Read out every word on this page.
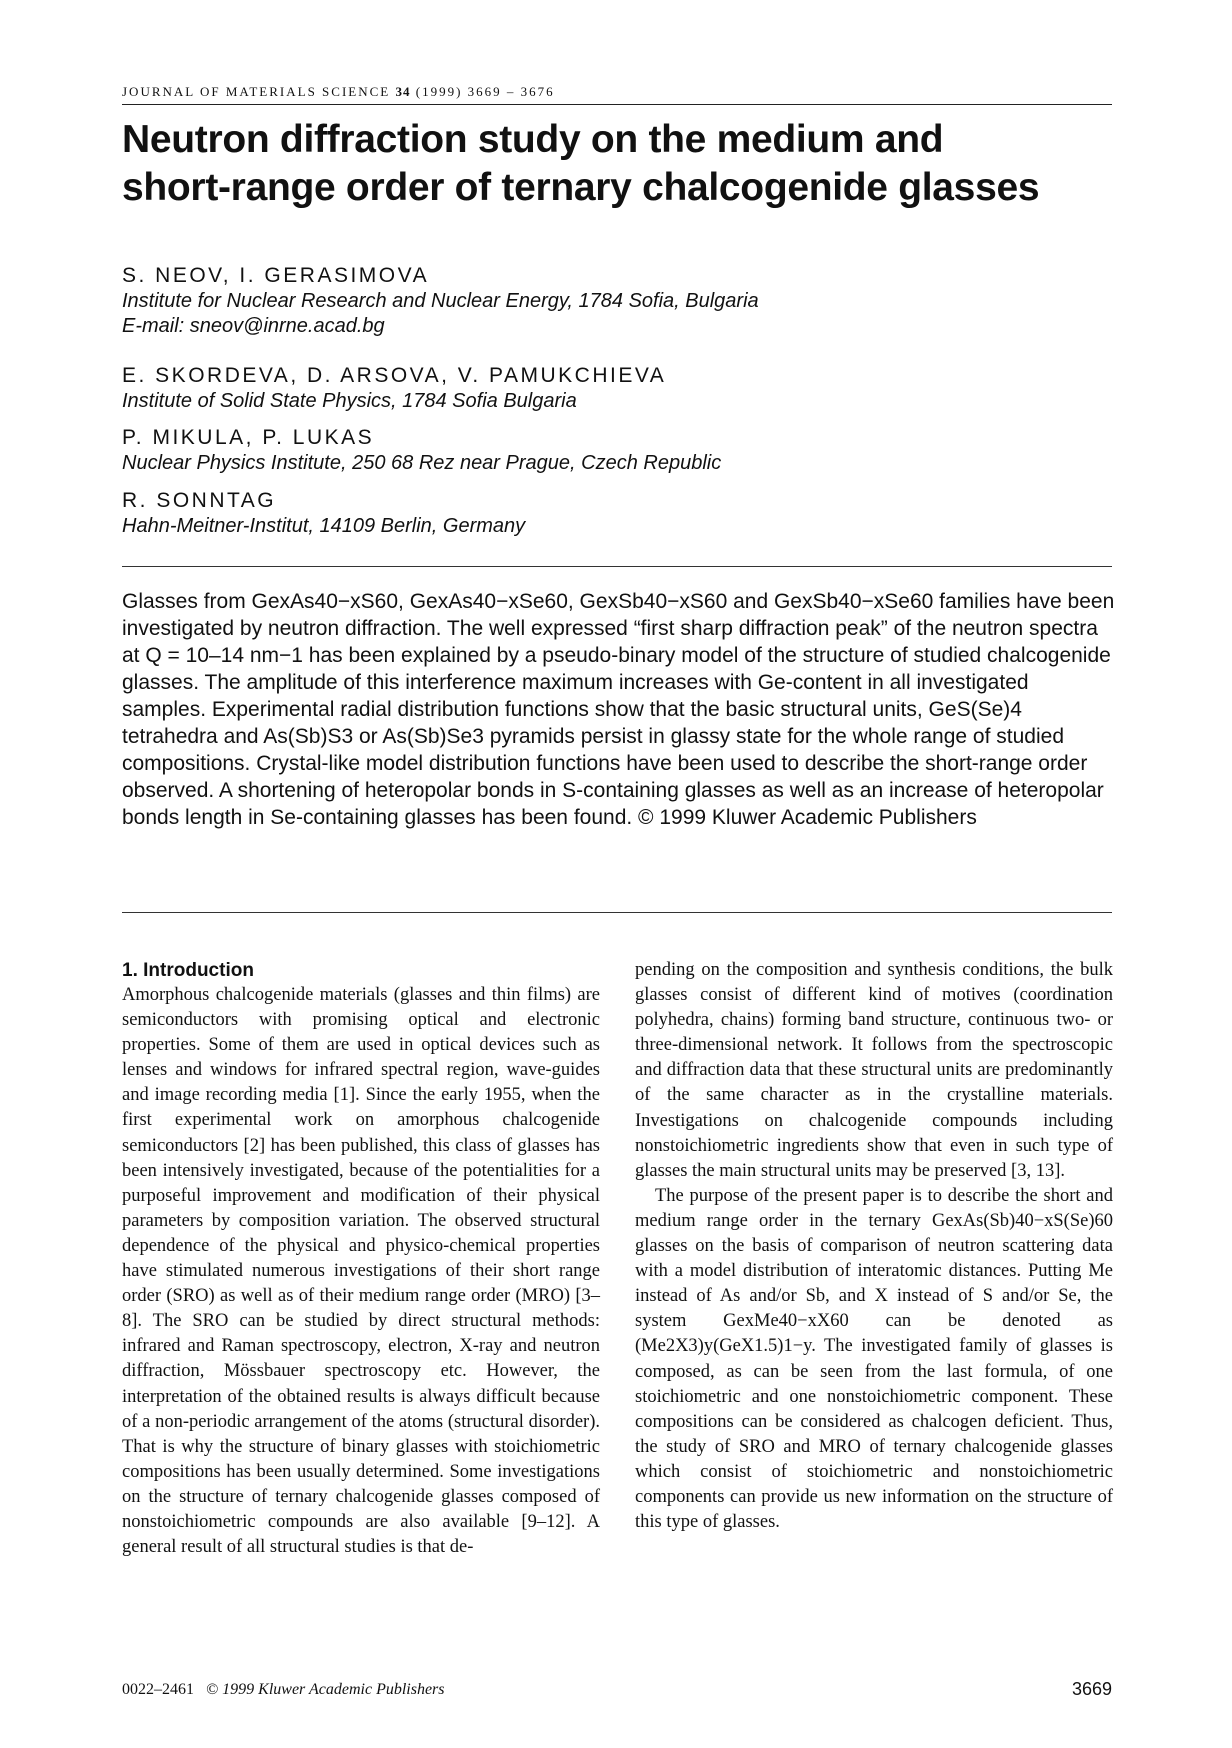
JOURNAL OF MATERIALS SCIENCE 34 (1999) 3669 – 3676
Neutron diffraction study on the medium and
short-range order of ternary chalcogenide glasses
S. NEOV, I. GERASIMOVA
Institute for Nuclear Research and Nuclear Energy, 1784 Sofia, Bulgaria
E-mail: sneov@inrne.acad.bg
E. SKORDEVA, D. ARSOVA, V. PAMUKCHIEVA
Institute of Solid State Physics, 1784 Sofia Bulgaria
P. MIKULA, P. LUKAS
Nuclear Physics Institute, 250 68 Rez near Prague, Czech Republic
R. SONNTAG
Hahn-Meitner-Institut, 14109 Berlin, Germany

Glasses from GexAs40−xS60, GexAs40−xSe60, GexSb40−xS60 and GexSb40−xSe60 families have been investigated by neutron diffraction. The well expressed “first sharp diffraction peak” of the neutron spectra at Q = 10–14 nm−1 has been explained by a pseudo-binary model of the structure of studied chalcogenide glasses. The amplitude of this interference maximum increases with Ge-content in all investigated samples. Experimental radial distribution functions show that the basic structural units, GeS(Se)4 tetrahedra and As(Sb)S3 or As(Sb)Se3 pyramids persist in glassy state for the whole range of studied compositions. Crystal-like model distribution functions have been used to describe the short-range order observed. A shortening of heteropolar bonds in S-containing glasses as well as an increase of heteropolar bonds length in Se-containing glasses has been found. © 1999 Kluwer Academic Publishers

1. Introduction

Amorphous chalcogenide materials (glasses and thin films) are semiconductors with promising optical and electronic properties. Some of them are used in optical devices such as lenses and windows for infrared spectral region, wave-guides and image recording media [1]. Since the early 1955, when the first experimental work on amorphous chalcogenide semiconductors [2] has been published, this class of glasses has been intensively investigated, because of the potentialities for a purposeful improvement and modification of their physical parameters by composition variation. The observed structural dependence of the physical and physico-chemical properties have stimulated numerous investigations of their short range order (SRO) as well as of their medium range order (MRO) [3–8]. The SRO can be studied by direct structural methods: infrared and Raman spectroscopy, electron, X-ray and neutron diffraction, Mössbauer spectroscopy etc. However, the interpretation of the obtained results is always difficult because of a non-periodic arrangement of the atoms (structural disorder). That is why the structure of binary glasses with stoichiometric compositions has been usually determined. Some investigations on the structure of ternary chalcogenide glasses composed of nonstoichiometric compounds are also available [9–12]. A general result of all structural studies is that de-

pending on the composition and synthesis conditions, the bulk glasses consist of different kind of motives (coordination polyhedra, chains) forming band structure, continuous two- or three-dimensional network. It follows from the spectroscopic and diffraction data that these structural units are predominantly of the same character as in the crystalline materials. Investigations on chalcogenide compounds including nonstoichiometric ingredients show that even in such type of glasses the main structural units may be preserved [3, 13].

The purpose of the present paper is to describe the short and medium range order in the ternary GexAs(Sb)40−xS(Se)60 glasses on the basis of comparison of neutron scattering data with a model distribution of interatomic distances. Putting Me instead of As and/or Sb, and X instead of S and/or Se, the system GexMe40−xX60 can be denoted as (Me2X3)y(GeX1.5)1−y. The investigated family of glasses is composed, as can be seen from the last formula, of one stoichiometric and one nonstoichiometric component. These compositions can be considered as chalcogen deficient. Thus, the study of SRO and MRO of ternary chalcogenide glasses which consist of stoichiometric and nonstoichiometric components can provide us new information on the structure of this type of glasses.

0022–2461 © 1999 Kluwer Academic Publishers	3669
